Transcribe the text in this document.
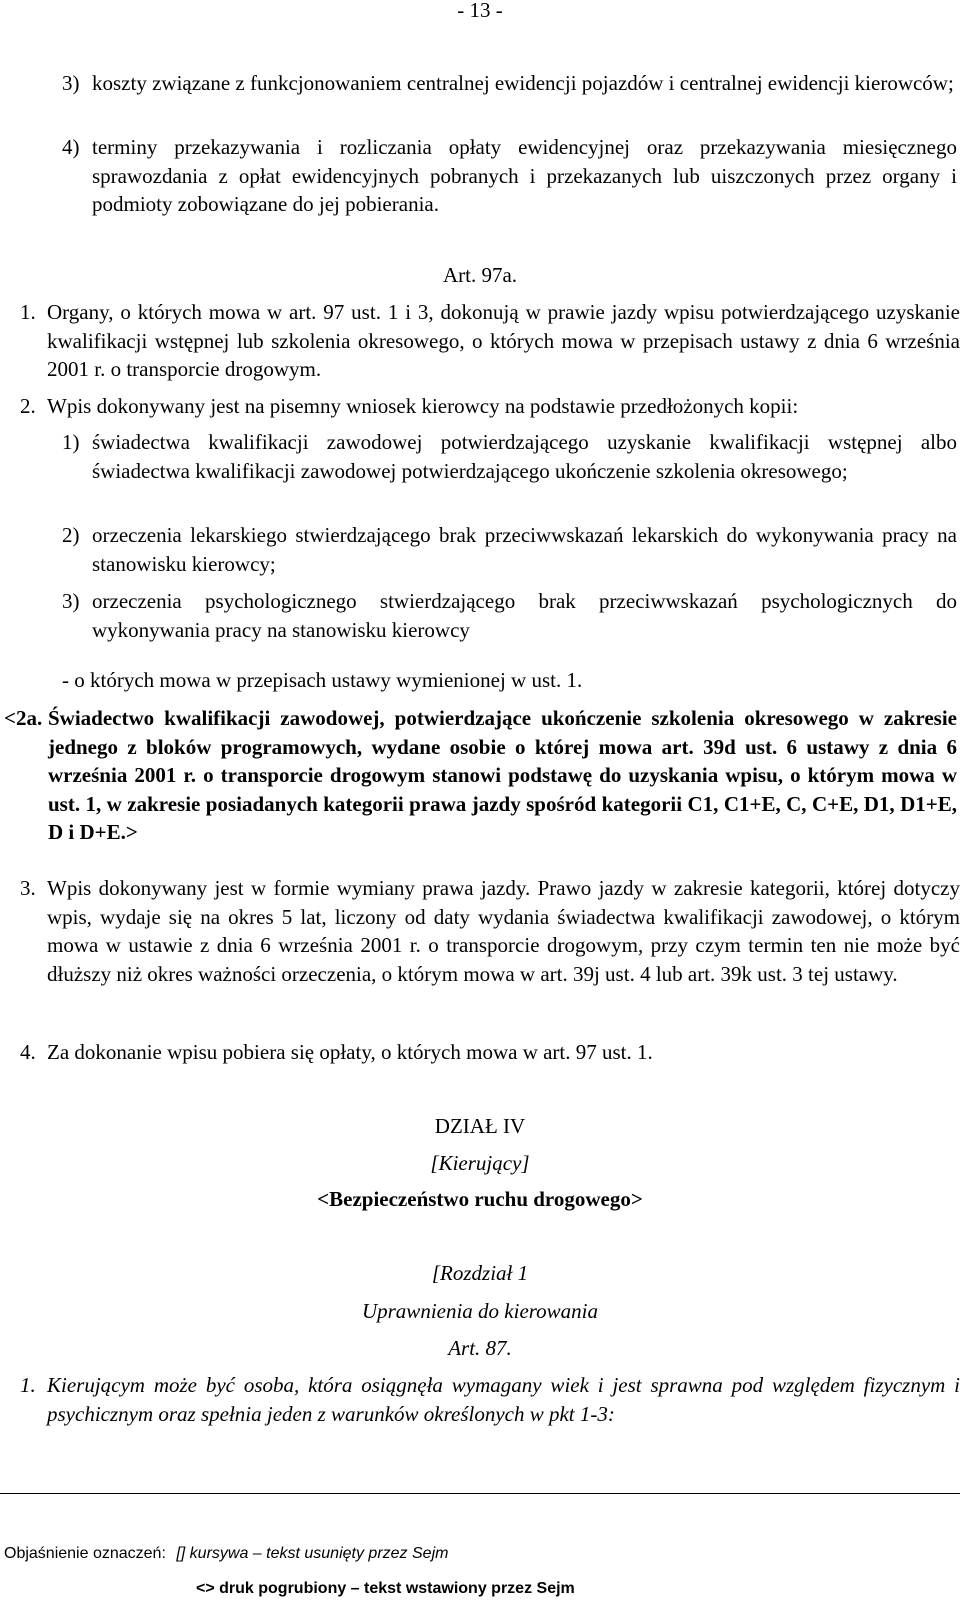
- 13 -
3) koszty związane z funkcjonowaniem centralnej ewidencji pojazdów i centralnej ewidencji kierowców;
4) terminy przekazywania i rozliczania opłaty ewidencyjnej oraz przekazywania miesięcznego sprawozdania z opłat ewidencyjnych pobranych i przekazanych lub uiszczonych przez organy i podmioty zobowiązane do jej pobierania.
Art. 97a.
1. Organy, o których mowa w art. 97 ust. 1 i 3, dokonują w prawie jazdy wpisu potwierdzającego uzyskanie kwalifikacji wstępnej lub szkolenia okresowego, o których mowa w przepisach ustawy z dnia 6 września 2001 r. o transporcie drogowym.
2. Wpis dokonywany jest na pisemny wniosek kierowcy na podstawie przedłożonych kopii:
1) świadectwa kwalifikacji zawodowej potwierdzającego uzyskanie kwalifikacji wstępnej albo świadectwa kwalifikacji zawodowej potwierdzającego ukończenie szkolenia okresowego;
2) orzeczenia lekarskiego stwierdzającego brak przeciwwskazań lekarskich do wykonywania pracy na stanowisku kierowcy;
3) orzeczenia psychologicznego stwierdzającego brak przeciwwskazań psychologicznych do wykonywania pracy na stanowisku kierowcy
- o których mowa w przepisach ustawy wymienionej w ust. 1.
<2a. Świadectwo kwalifikacji zawodowej, potwierdzające ukończenie szkolenia okresowego w zakresie jednego z bloków programowych, wydane osobie o której mowa art. 39d ust. 6 ustawy z dnia 6 września 2001 r. o transporcie drogowym stanowi podstawę do uzyskania wpisu, o którym mowa w ust. 1, w zakresie posiadanych kategorii prawa jazdy spośród kategorii C1, C1+E, C, C+E, D1, D1+E, D i D+E.>
3. Wpis dokonywany jest w formie wymiany prawa jazdy. Prawo jazdy w zakresie kategorii, której dotyczy wpis, wydaje się na okres 5 lat, liczony od daty wydania świadectwa kwalifikacji zawodowej, o którym mowa w ustawie z dnia 6 września 2001 r. o transporcie drogowym, przy czym termin ten nie może być dłuższy niż okres ważności orzeczenia, o którym mowa w art. 39j ust. 4 lub art. 39k ust. 3 tej ustawy.
4. Za dokonanie wpisu pobiera się opłaty, o których mowa w art. 97 ust. 1.
DZIAŁ IV
[Kierujący]
<Bezpieczeństwo ruchu drogowego>
[Rozdział 1
Uprawnienia do kierowania
Art. 87.
1. Kierującym może być osoba, która osiągnęła wymagany wiek i jest sprawna pod względem fizycznym i psychicznym oraz spełnia jeden z warunków określonych w pkt 1-3:
Objaśnienie oznaczeń: [] kursywa – tekst usunięty przez Sejm
<> druk pogrubiony – tekst wstawiony przez Sejm
